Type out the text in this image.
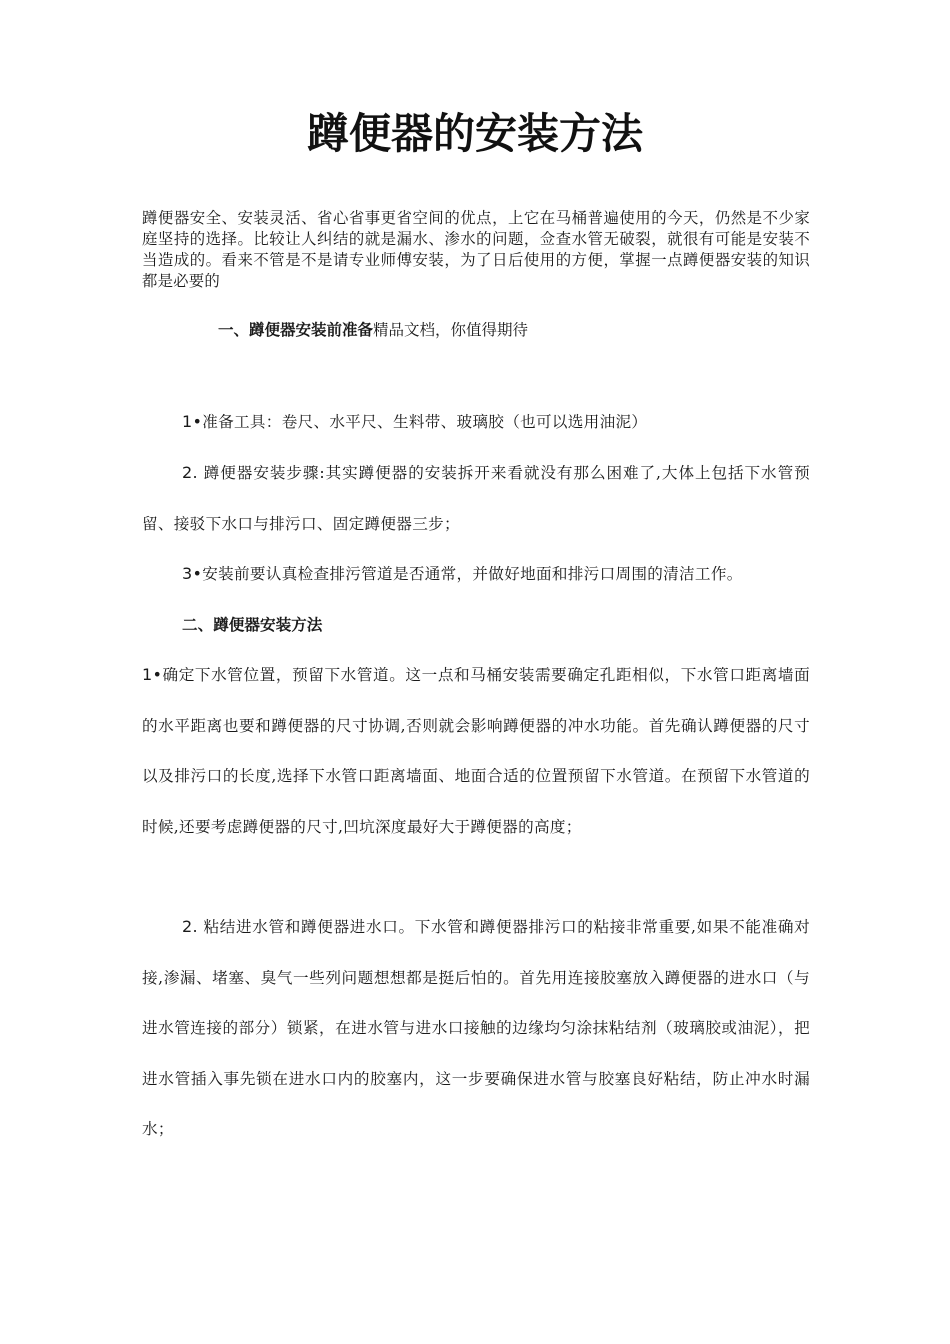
蹲便器的安装方法

蹲便器安全、安装灵活、省心省事更省空间的优点，上它在马桶普遍使用的今天，仍然是不少家庭坚持的选择。比较让人纠结的就是漏水、渗水的问题，佥查水管无破裂，就很有可能是安装不当造成的。看来不管是不是请专业师傅安装，为了日后使用的方便，掌握一点蹲便器安装的知识都是必要的

一、蹲便器安装前准备精品文档，你值得期待

1•准备工具：卷尺、水平尺、生料带、玻璃胶（也可以选用油泥）

2. 蹲便器安装步骤:其实蹲便器的安装拆开来看就没有那么困难了,大体上包括下水管预留、接驳下水口与排污口、固定蹲便器三步；

3•安装前要认真检查排污管道是否通常，并做好地面和排污口周围的清洁工作。

二、蹲便器安装方法

1•确定下水管位置，预留下水管道。这一点和马桶安装需要确定孔距相似，下水管口距离墙面的水平距离也要和蹲便器的尺寸协调,否则就会影响蹲便器的冲水功能。首先确认蹲便器的尺寸以及排污口的长度,选择下水管口距离墙面、地面合适的位置预留下水管道。在预留下水管道的时候,还要考虑蹲便器的尺寸,凹坑深度最好大于蹲便器的高度；

2. 粘结进水管和蹲便器进水口。下水管和蹲便器排污口的粘接非常重要,如果不能准确对接,渗漏、堵塞、臭气一些列问题想想都是挺后怕的。首先用连接胶塞放入蹲便器的进水口（与进水管连接的部分）锁紧，在进水管与进水口接触的边缘均匀涂抹粘结剂（玻璃胶或油泥），把进水管插入事先锁在进水口内的胶塞内，这一步要确保进水管与胶塞良好粘结，防止冲水时漏水；
